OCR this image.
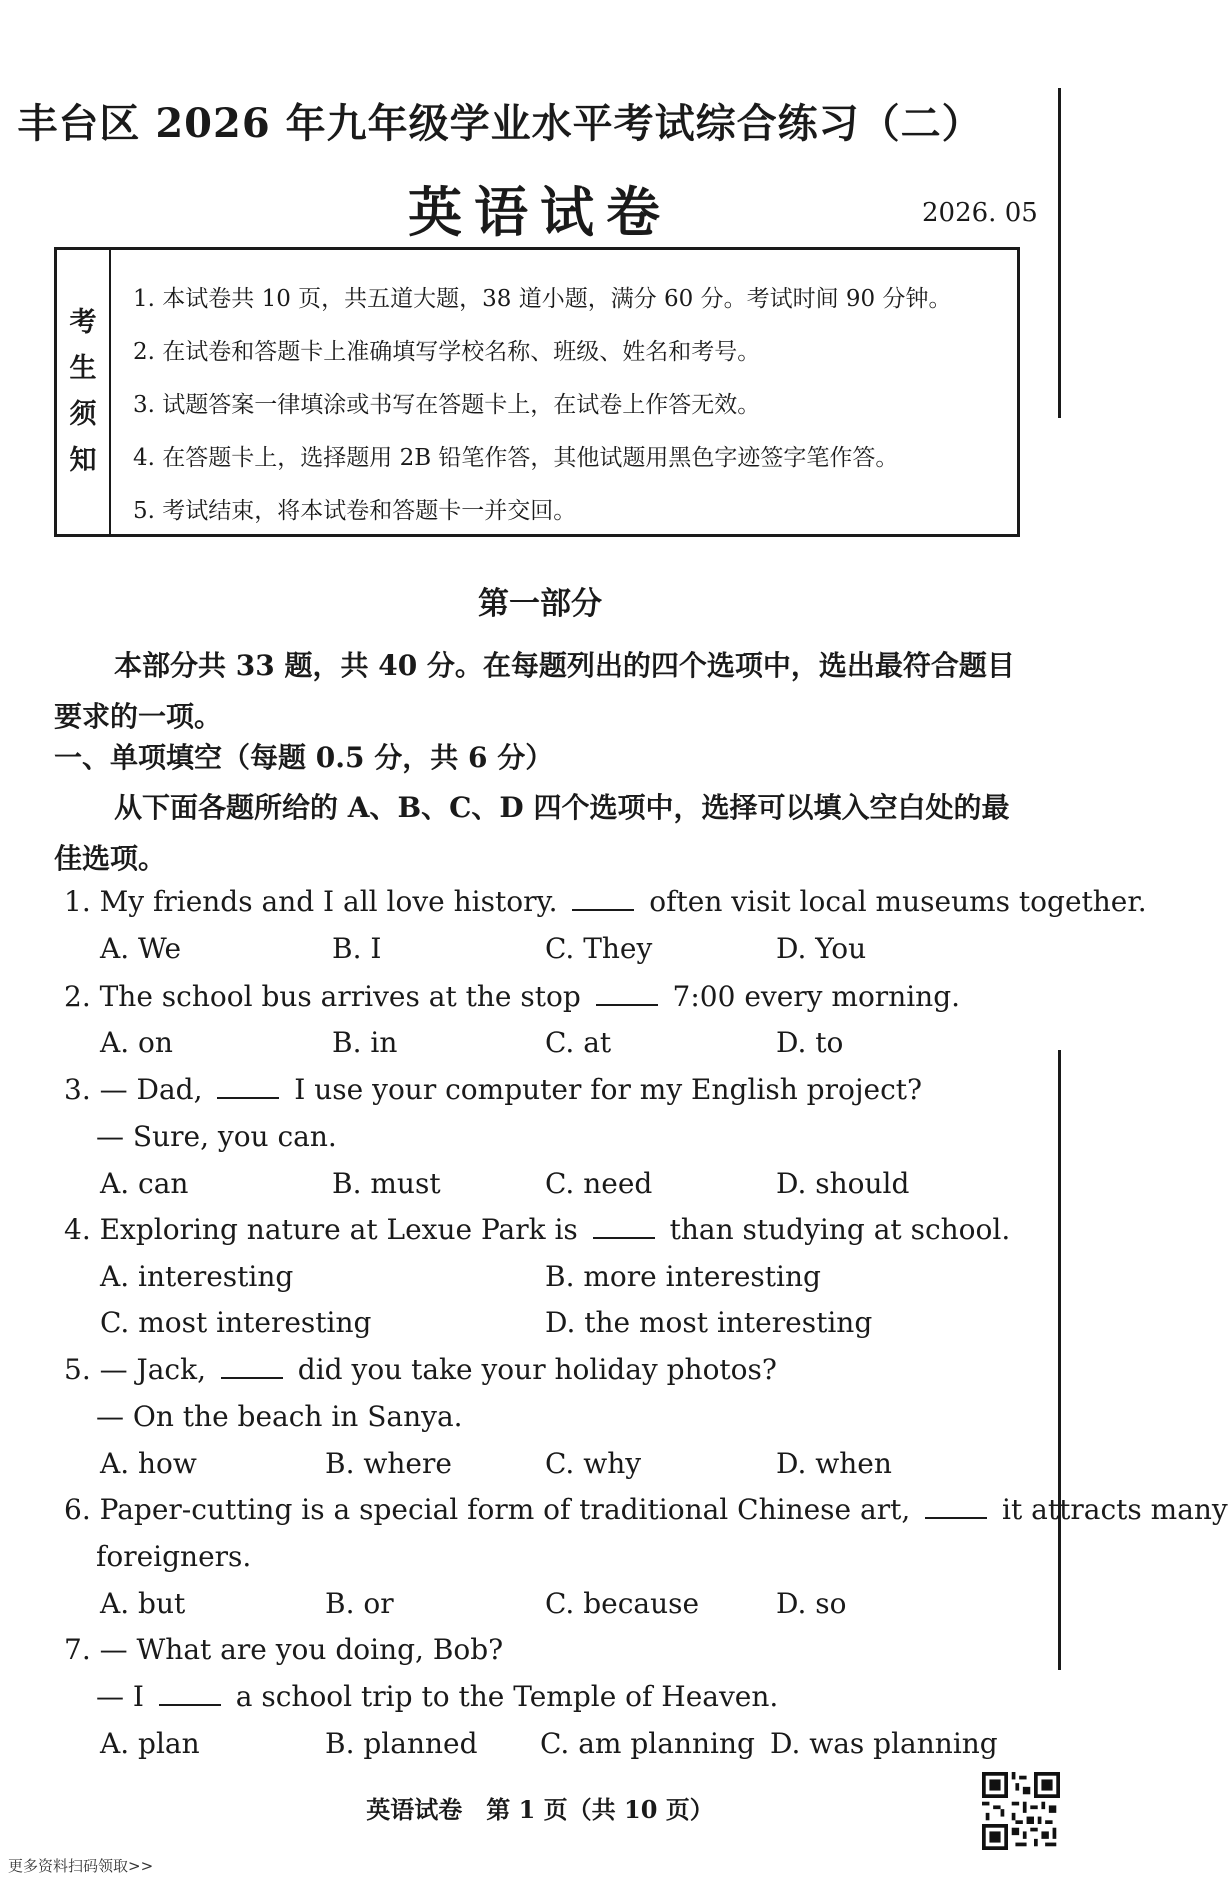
丰台区 2026 年九年级学业水平考试综合练习（二）
英语试卷	2026. 05
考
生
须
知
1. 本试卷共 10 页，共五道大题，38 道小题，满分 60 分。考试时间 90 分钟。
2. 在试卷和答题卡上准确填写学校名称、班级、姓名和考号。
3. 试题答案一律填涂或书写在答题卡上，在试卷上作答无效。
4. 在答题卡上，选择题用 2B 铅笔作答，其他试题用黑色字迹签字笔作答。
5. 考试结束，将本试卷和答题卡一并交回。
第一部分
本部分共 33 题，共 40 分。在每题列出的四个选项中，选出最符合题目要求的一项。
一、单项填空（每题 0.5 分，共 6 分）
从下面各题所给的 A、B、C、D 四个选项中，选择可以填入空白处的最佳选项。
1. My friends and I all love history.	often visit local museums together.
A. We	B. I	C. They	D. You
2. The school bus arrives at the stop	7:00 every morning.
A. on	B. in	C. at	D. to
3. — Dad,	I use your computer for my English project?
— Sure, you can.
A. can	B. must	C. need	D. should
4. Exploring nature at Lexue Park is	than studying at school.
A. interesting	B. more interesting
C. most interesting	D. the most interesting
5. — Jack,	did you take your holiday photos?
— On the beach in Sanya.
A. how	B. where	C. why	D. when
6. Paper-cutting is a special form of traditional Chinese art,	it attracts many
foreigners.
A. but	B. or	C. because	D. so
7. — What are you doing, Bob?
— I	a school trip to the Temple of Heaven.
A. plan	B. planned C. am planning D. was planning
英语试卷　第 1 页（共 10 页）
更多资料扫码领取>>
